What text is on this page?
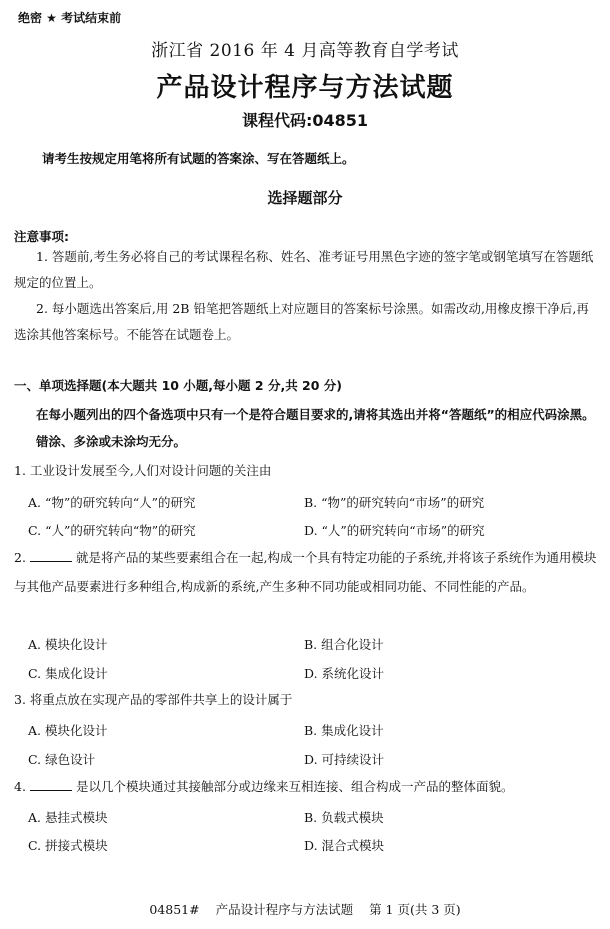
绝密 ★ 考试结束前
浙江省 2016 年 4 月高等教育自学考试
产品设计程序与方法试题
课程代码:04851
请考生按规定用笔将所有试题的答案涂、写在答题纸上。
选择题部分
注意事项:
1. 答题前,考生务必将自己的考试课程名称、姓名、准考证号用黑色字迹的签字笔或钢笔填写在答题纸规定的位置上。
2. 每小题选出答案后,用 2B 铅笔把答题纸上对应题目的答案标号涂黑。如需改动,用橡皮擦干净后,再选涂其他答案标号。不能答在试题卷上。
一、单项选择题(本大题共 10 小题,每小题 2 分,共 20 分)
在每小题列出的四个备选项中只有一个是符合题目要求的,请将其选出并将“答题纸”的相应代码涂黑。错涂、多涂或未涂均无分。
1. 工业设计发展至今,人们对设计问题的关注由
A. “物”的研究转向“人”的研究	B. “物”的研究转向“市场”的研究
C. “人”的研究转向“物”的研究	D. “人”的研究转向“市场”的研究
2.	就是将产品的某些要素组合在一起,构成一个具有特定功能的子系统,并将该子系统作为通用模块与其他产品要素进行多种组合,构成新的系统,产生多种不同功能或相同功能、不同性能的产品。
A. 模块化设计	B. 组合化设计
C. 集成化设计	D. 系统化设计
3. 将重点放在实现产品的零部件共享上的设计属于
A. 模块化设计	B. 集成化设计
C. 绿色设计	D. 可持续设计
4.	是以几个模块通过其接触部分或边缘来互相连接、组合构成一产品的整体面貌。
A. 悬挂式模块	B. 负载式模块
C. 拼接式模块	D. 混合式模块
04851# 产品设计程序与方法试题 第 1 页(共 3 页)
